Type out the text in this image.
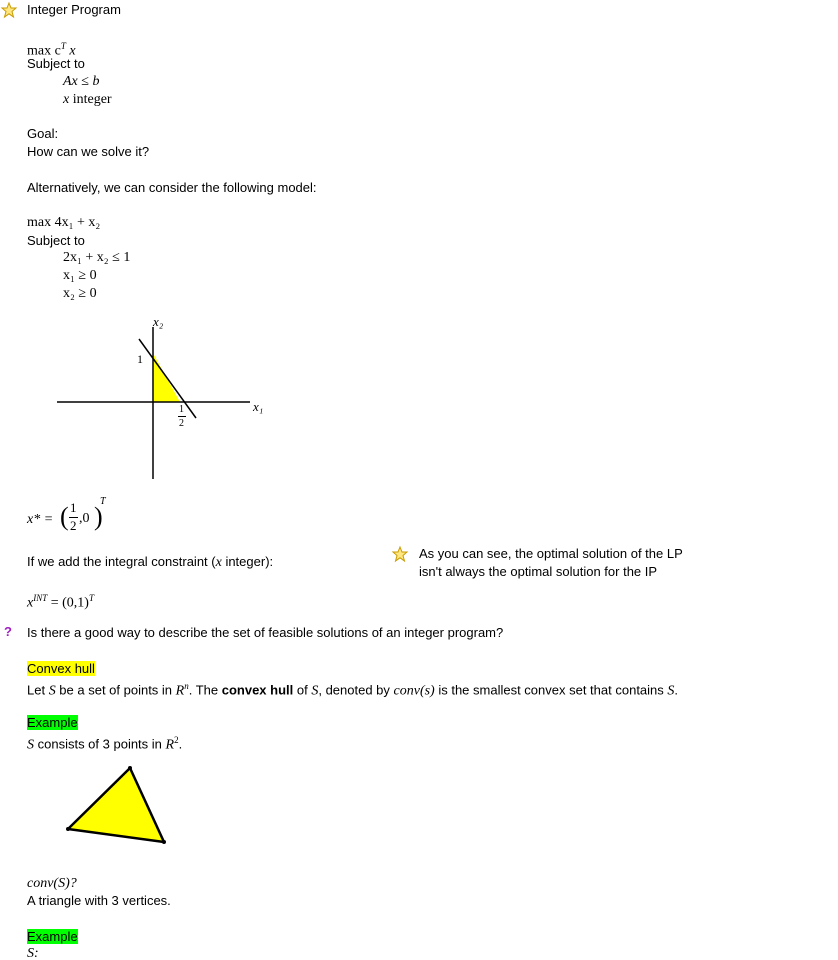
Integer Program
$\max c^T$ x
Subject to
Ax ≤ b
x integer
Goal:
How can we solve it?
Alternatively, we can consider the following model:
max 4x₁ + x₂
Subject to
2x₁ + x₂ ≤ 1
x₁ ≥ 0
x₂ ≥ 0
x₂
x₁
1
1
2
x* = ( 1
2 ,0 )
T
If we add the integral constraint (x integer):
As you can see, the optimal solution of the LP
isn't always the optimal solution for the IP
$x^{INT} = (0,1)^T$
? Is there a good way to describe the set of feasible solutions of an integer program?
Convex hull
Let S be a set of points in $R^n$. The convex hull of S, denoted by conv(s) is the smallest convex set that contains S.
Example
S consists of 3 points in $R^2$.
conv(S)?
A triangle with 3 vertices.
Example
S:
